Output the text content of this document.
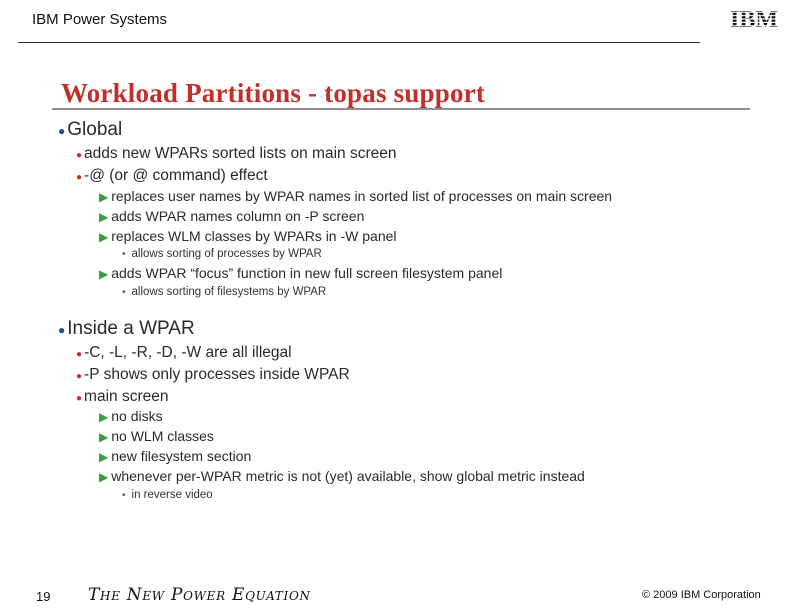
IBM Power Systems	IBM
Workload Partitions - topas support
● Global
● adds new WPARs sorted lists on main screen
● -@ (or @ command) effect
▶ replaces user names by WPAR names in sorted list of processes on main screen
▶ adds WPAR names column on -P screen
▶ replaces WLM classes by WPARs in -W panel
• allows sorting of processes by WPAR
▶ adds WPAR “focus” function in new full screen filesystem panel
• allows sorting of filesystems by WPAR
● Inside a WPAR
● -C, -L, -R, -D, -W are all illegal
● -P shows only processes inside WPAR
● main screen
▶ no disks
▶ no WLM classes
▶ new filesystem section
▶ whenever per-WPAR metric is not (yet) available, show global metric instead
• in reverse video
19 The New Power Equation	© 2009 IBM Corporation
